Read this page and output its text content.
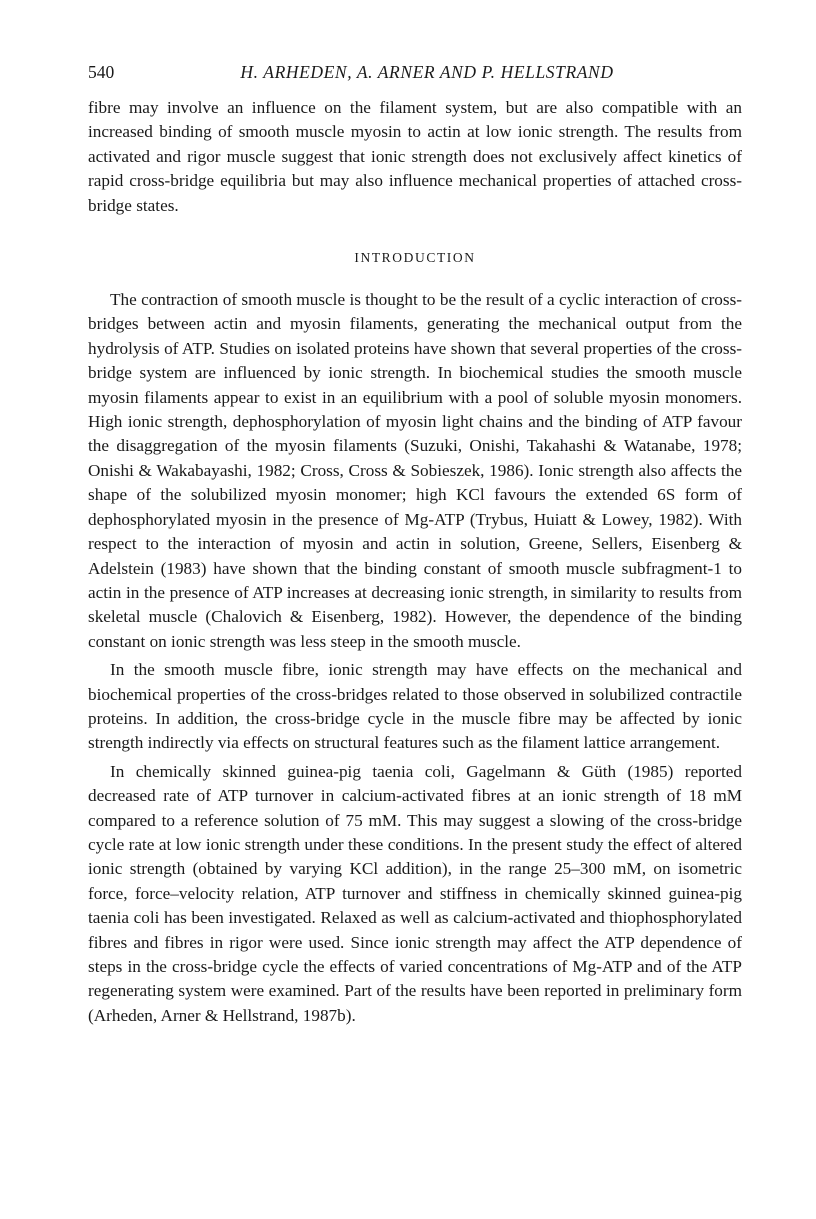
540	H. ARHEDEN, A. ARNER AND P. HELLSTRAND

fibre may involve an influence on the filament system, but are also compatible with an increased binding of smooth muscle myosin to actin at low ionic strength. The results from activated and rigor muscle suggest that ionic strength does not exclusively affect kinetics of rapid cross-bridge equilibria but may also influence mechanical properties of attached cross-bridge states.

INTRODUCTION

The contraction of smooth muscle is thought to be the result of a cyclic interaction of cross-bridges between actin and myosin filaments, generating the mechanical output from the hydrolysis of ATP. Studies on isolated proteins have shown that several properties of the cross-bridge system are influenced by ionic strength. In biochemical studies the smooth muscle myosin filaments appear to exist in an equilibrium with a pool of soluble myosin monomers. High ionic strength, dephosphorylation of myosin light chains and the binding of ATP favour the disaggregation of the myosin filaments (Suzuki, Onishi, Takahashi & Watanabe, 1978; Onishi & Wakabayashi, 1982; Cross, Cross & Sobieszek, 1986). Ionic strength also affects the shape of the solubilized myosin monomer; high KCl favours the extended 6S form of dephosphorylated myosin in the presence of Mg-ATP (Trybus, Huiatt & Lowey, 1982). With respect to the interaction of myosin and actin in solution, Greene, Sellers, Eisenberg & Adelstein (1983) have shown that the binding constant of smooth muscle subfragment-1 to actin in the presence of ATP increases at decreasing ionic strength, in similarity to results from skeletal muscle (Chalovich & Eisenberg, 1982). However, the dependence of the binding constant on ionic strength was less steep in the smooth muscle.

In the smooth muscle fibre, ionic strength may have effects on the mechanical and biochemical properties of the cross-bridges related to those observed in solubilized contractile proteins. In addition, the cross-bridge cycle in the muscle fibre may be affected by ionic strength indirectly via effects on structural features such as the filament lattice arrangement.

In chemically skinned guinea-pig taenia coli, Gagelmann & Güth (1985) reported decreased rate of ATP turnover in calcium-activated fibres at an ionic strength of 18 mM compared to a reference solution of 75 mM. This may suggest a slowing of the cross-bridge cycle rate at low ionic strength under these conditions. In the present study the effect of altered ionic strength (obtained by varying KCl addition), in the range 25–300 mM, on isometric force, force–velocity relation, ATP turnover and stiffness in chemically skinned guinea-pig taenia coli has been investigated. Relaxed as well as calcium-activated and thiophosphorylated fibres and fibres in rigor were used. Since ionic strength may affect the ATP dependence of steps in the cross-bridge cycle the effects of varied concentrations of Mg-ATP and of the ATP regenerating system were examined. Part of the results have been reported in preliminary form (Arheden, Arner & Hellstrand, 1987b).
